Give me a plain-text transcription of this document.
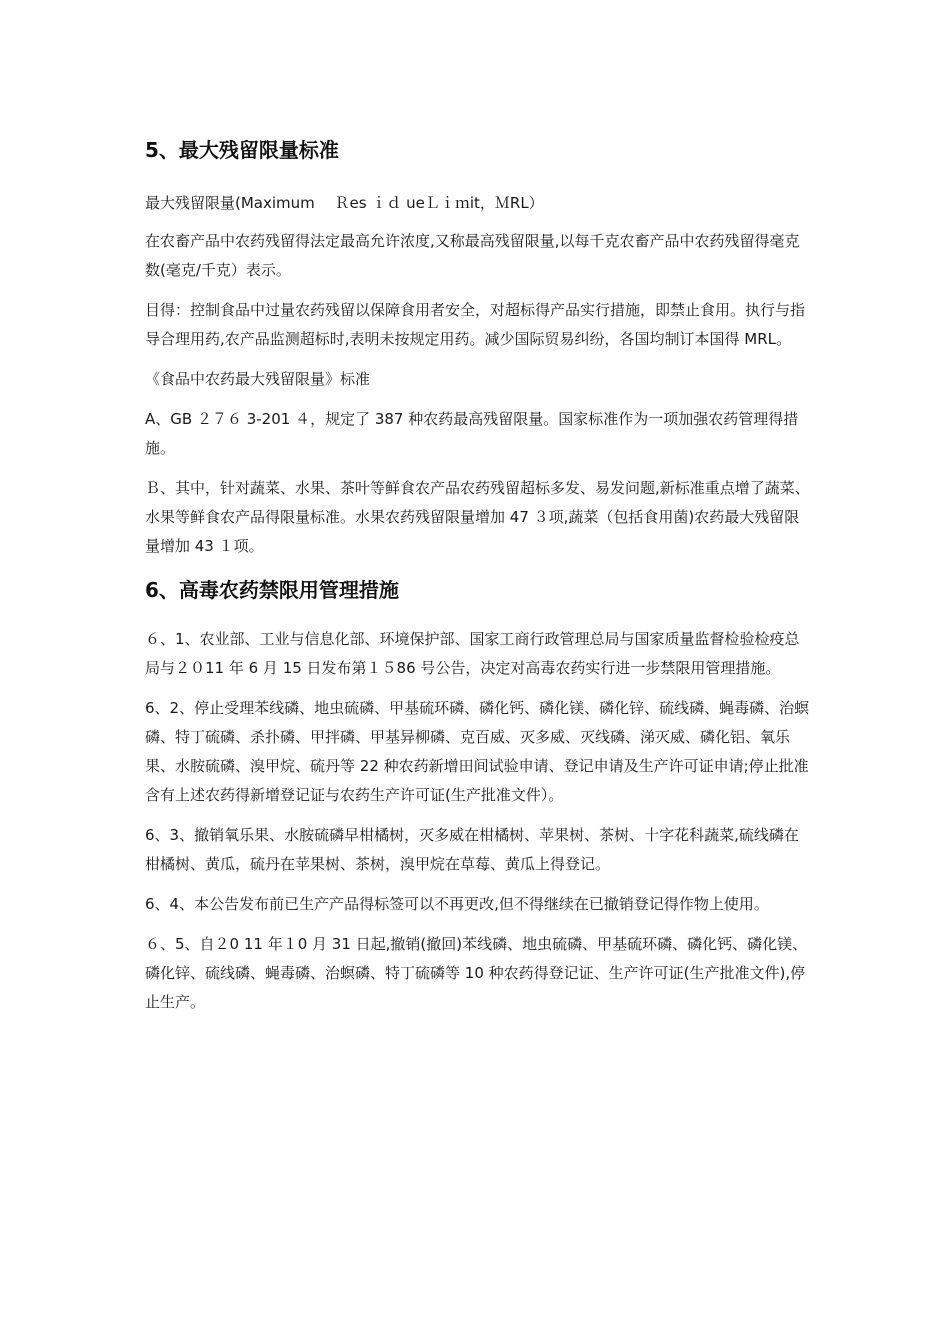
5、最大残留限量标准

最大残留限量(Maximum　 Ｒes ｉｄ ueＬｉｍit，ＭRL）

在农畜产品中农药残留得法定最高允许浓度,又称最高残留限量,以每千克农畜产品中农药残留得毫克数(毫克/千克）表示。

目得：控制食品中过量农药残留以保障食用者安全，对超标得产品实行措施，即禁止食用。执行与指导合理用药,农产品监测超标时,表明未按规定用药。减少国际贸易纠纷，各国均制订本国得 MRL。

《食品中农药最大残留限量》标准

A、GB ２７６ 3-201 ４，规定了 387 种农药最高残留限量。国家标准作为一项加强农药管理得措施。

Ｂ、其中，针对蔬菜、水果、茶叶等鲜食农产品农药残留超标多发、易发问题,新标准重点增了蔬菜、水果等鲜食农产品得限量标准。水果农药残留限量增加 47 ３项,蔬菜（包括食用菌)农药最大残留限量增加 43 １项。

6、高毒农药禁限用管理措施

６、1、农业部、工业与信息化部、环境保护部、国家工商行政管理总局与国家质量监督检验检疫总局与２０11 年 6 月 15 日发布第１５86 号公告，决定对高毒农药实行进一步禁限用管理措施。

6、2、停止受理苯线磷、地虫硫磷、甲基硫环磷、磷化钙、磷化镁、磷化锌、硫线磷、蝇毒磷、治螟磷、特丁硫磷、杀扑磷、甲拌磷、甲基异柳磷、克百威、灭多威、灭线磷、涕灭威、磷化铝、氧乐果、水胺硫磷、溴甲烷、硫丹等 22 种农药新增田间试验申请、登记申请及生产许可证申请;停止批准含有上述农药得新增登记证与农药生产许可证(生产批准文件）。

6、3、撤销氧乐果、水胺硫磷早柑橘树，灭多威在柑橘树、苹果树、茶树、十字花科蔬菜,硫线磷在柑橘树、黄瓜，硫丹在苹果树、茶树，溴甲烷在草莓、黄瓜上得登记。

6、4、本公告发布前已生产产品得标签可以不再更改,但不得继续在已撤销登记得作物上使用。

６、5、自２0 11 年１0 月 31 日起,撤销(撤回)苯线磷、地虫硫磷、甲基硫环磷、磷化钙、磷化镁、磷化锌、硫线磷、蝇毒磷、治螟磷、特丁硫磷等 10 种农药得登记证、生产许可证(生产批准文件),停止生产。
